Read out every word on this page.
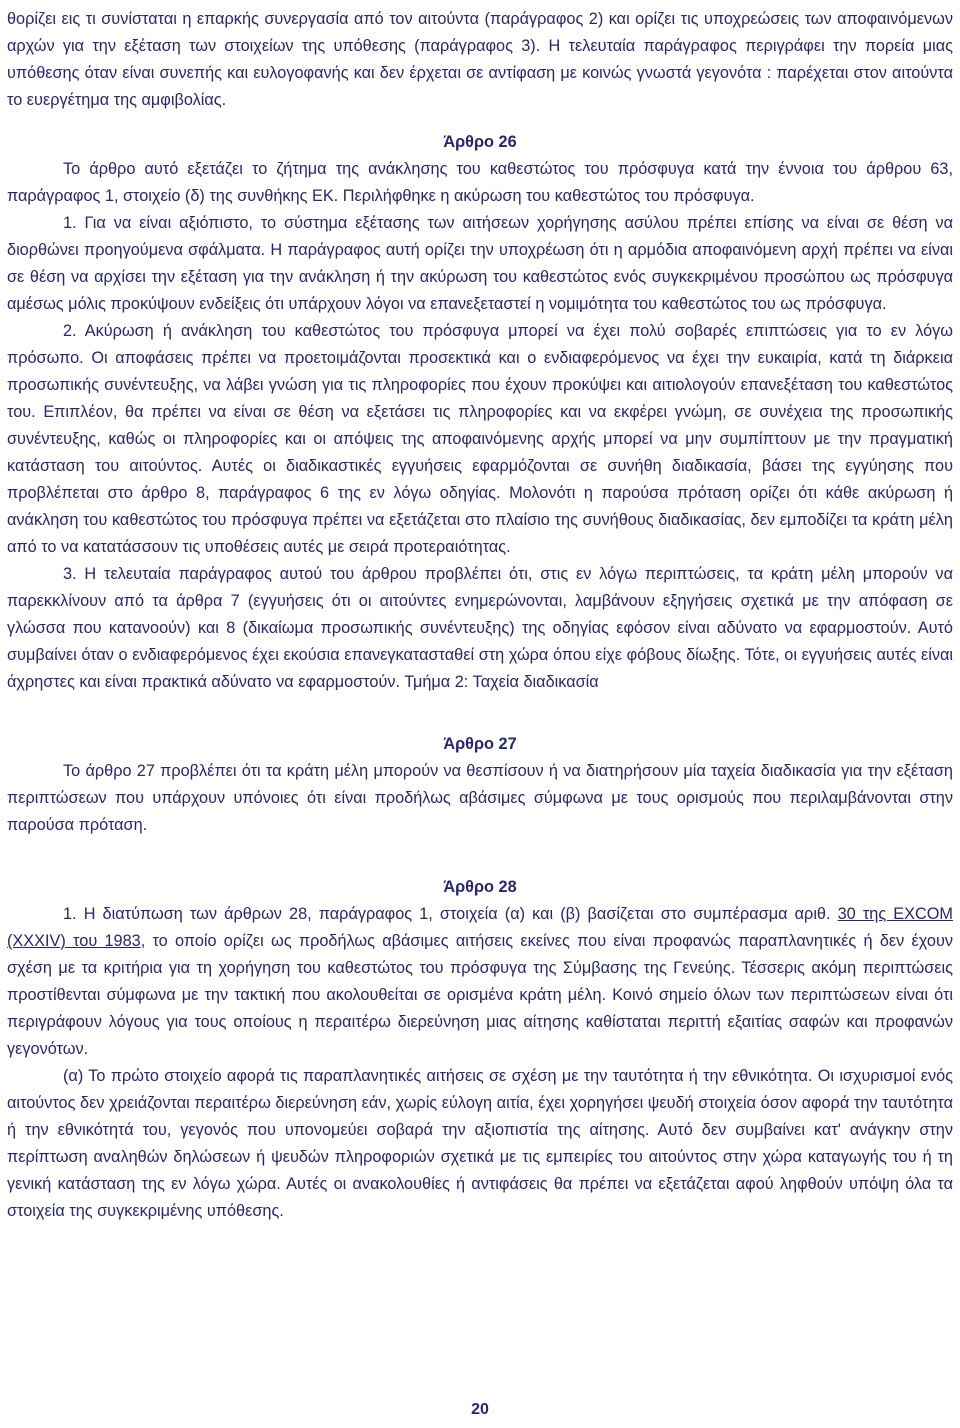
θορίζει εις τι συνίσταται η επαρκής συνεργασία από τον αιτούντα (παράγραφος 2) και ορίζει τις υποχρεώσεις των αποφαινόμενων αρχών για την εξέταση των στοιχείων της υπόθεσης (παράγραφος 3). Η τελευταία παράγραφος περιγράφει την πορεία μιας υπόθεσης όταν είναι συνεπής και ευλογοφανής και δεν έρχεται σε αντίφαση με κοινώς γνωστά γεγονότα : παρέχεται στον αιτούντα το ευεργέτημα της αμφιβολίας.

Άρθρο 26

Το άρθρο αυτό εξετάζει το ζήτημα της ανάκλησης του καθεστώτος του πρόσφυγα κατά την έννοια του άρθρου 63, παράγραφος 1, στοιχείο (δ) της συνθήκης ΕΚ. Περιλήφθηκε η ακύρωση του καθεστώτος του πρόσφυγα.

1. Για να είναι αξιόπιστο, το σύστημα εξέτασης των αιτήσεων χορήγησης ασύλου πρέπει επίσης να είναι σε θέση να διορθώνει προηγούμενα σφάλματα. Η παράγραφος αυτή ορίζει την υποχρέωση ότι η αρμόδια αποφαινόμενη αρχή πρέπει να είναι σε θέση να αρχίσει την εξέταση για την ανάκληση ή την ακύρωση του καθεστώτος ενός συγκεκριμένου προσώπου ως πρόσφυγα αμέσως μόλις προκύψουν ενδείξεις ότι υπάρχουν λόγοι να επανεξεταστεί η νομιμότητα του καθεστώτος του ως πρόσφυγα.

2. Ακύρωση ή ανάκληση του καθεστώτος του πρόσφυγα μπορεί να έχει πολύ σοβαρές επιπτώσεις για το εν λόγω πρόσωπο. Οι αποφάσεις πρέπει να προετοιμάζονται προσεκτικά και ο ενδιαφερόμενος να έχει την ευκαιρία, κατά τη διάρκεια προσωπικής συνέντευξης, να λάβει γνώση για τις πληροφορίες που έχουν προκύψει και αιτιολογούν επανεξέταση του καθεστώτος του. Επιπλέον, θα πρέπει να είναι σε θέση να εξετάσει τις πληροφορίες και να εκφέρει γνώμη, σε συνέχεια της προσωπικής συνέντευξης, καθώς οι πληροφορίες και οι απόψεις της αποφαινόμενης αρχής μπορεί να μην συμπίπτουν με την πραγματική κατάσταση του αιτούντος. Αυτές οι διαδικαστικές εγγυήσεις εφαρμόζονται σε συνήθη διαδικασία, βάσει της εγγύησης που προβλέπεται στο άρθρο 8, παράγραφος 6 της εν λόγω οδηγίας. Μολονότι η παρούσα πρόταση ορίζει ότι κάθε ακύρωση ή ανάκληση του καθεστώτος του πρόσφυγα πρέπει να εξετάζεται στο πλαίσιο της συνήθους διαδικασίας, δεν εμποδίζει τα κράτη μέλη από το να κατατάσσουν τις υποθέσεις αυτές με σειρά προτεραιότητας.

3. Η τελευταία παράγραφος αυτού του άρθρου προβλέπει ότι, στις εν λόγω περιπτώσεις, τα κράτη μέλη μπορούν να παρεκκλίνουν από τα άρθρα 7 (εγγυήσεις ότι οι αιτούντες ενημερώνονται, λαμβάνουν εξηγήσεις σχετικά με την απόφαση σε γλώσσα που κατανοούν) και 8 (δικαίωμα προσωπικής συνέντευξης) της οδηγίας εφόσον είναι αδύνατο να εφαρμοστούν. Αυτό συμβαίνει όταν ο ενδιαφερόμενος έχει εκούσια επανεγκατασταθεί στη χώρα όπου είχε φόβους δίωξης. Τότε, οι εγγυήσεις αυτές είναι άχρηστες και είναι πρακτικά αδύνατο να εφαρμοστούν. Τμήμα 2: Ταχεία διαδικασία

Άρθρο 27

Το άρθρο 27 προβλέπει ότι τα κράτη μέλη μπορούν να θεσπίσουν ή να διατηρήσουν μία ταχεία διαδικασία για την εξέταση περιπτώσεων που υπάρχουν υπόνοιες ότι είναι προδήλως αβάσιμες σύμφωνα με τους ορισμούς που περιλαμβάνονται στην παρούσα πρόταση.

Άρθρο 28

1. Η διατύπωση των άρθρων 28, παράγραφος 1, στοιχεία (α) και (β) βασίζεται στο συμπέρασμα αριθ. 30 της EXCOM (XXXIV) του 1983, το οποίο ορίζει ως προδήλως αβάσιμες αιτήσεις εκείνες που είναι προφανώς παραπλανητικές ή δεν έχουν σχέση με τα κριτήρια για τη χορήγηση του καθεστώτος του πρόσφυγα της Σύμβασης της Γενεύης. Τέσσερις ακόμη περιπτώσεις προστίθενται σύμφωνα με την τακτική που ακολουθείται σε ορισμένα κράτη μέλη. Κοινό σημείο όλων των περιπτώσεων είναι ότι περιγράφουν λόγους για τους οποίους η περαιτέρω διερεύνηση μιας αίτησης καθίσταται περιττή εξαιτίας σαφών και προφανών γεγονότων.

(α) Το πρώτο στοιχείο αφορά τις παραπλανητικές αιτήσεις σε σχέση με την ταυτότητα ή την εθνικότητα. Οι ισχυρισμοί ενός αιτούντος δεν χρειάζονται περαιτέρω διερεύνηση εάν, χωρίς εύλογη αιτία, έχει χορηγήσει ψευδή στοιχεία όσον αφορά την ταυτότητα ή την εθνικότητά του, γεγονός που υπονομεύει σοβαρά την αξιοπιστία της αίτησης. Αυτό δεν συμβαίνει κατ' ανάγκην στην περίπτωση αναληθών δηλώσεων ή ψευδών πληροφοριών σχετικά με τις εμπειρίες του αιτούντος στην χώρα καταγωγής του ή τη γενική κατάσταση της εν λόγω χώρα. Αυτές οι ανακολουθίες ή αντιφάσεις θα πρέπει να εξετάζεται αφού ληφθούν υπόψη όλα τα στοιχεία της συγκεκριμένης υπόθεσης.

20
